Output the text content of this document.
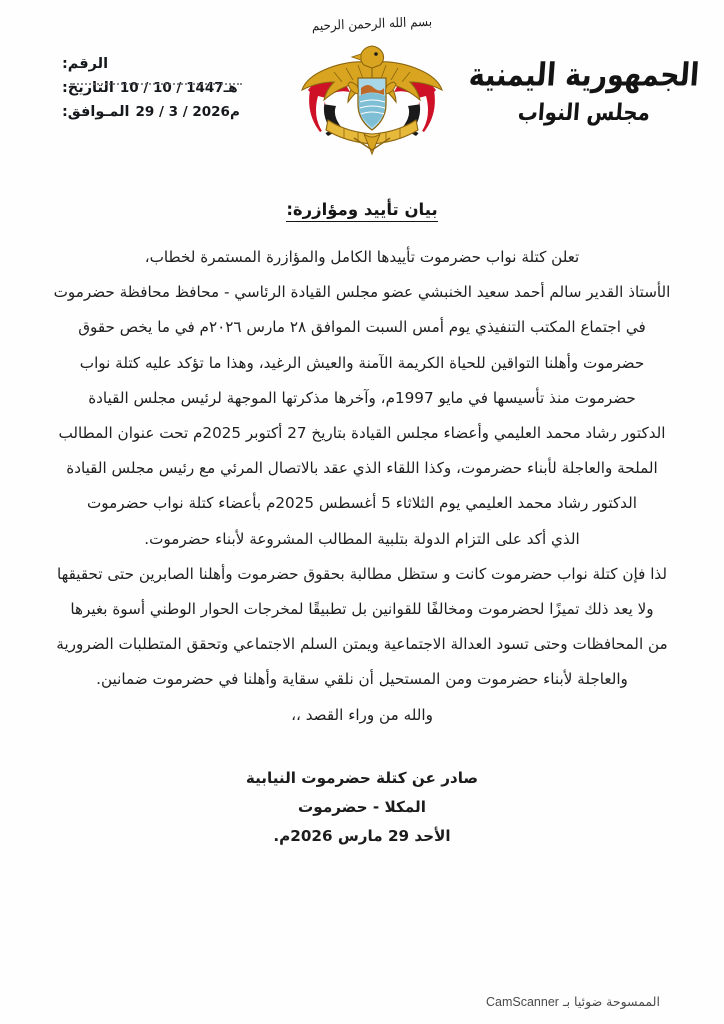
الرقم:
التاريخ: 10 / 10 / 1447هـ
المـوافق: 29 / 3 / 2026م
بسم الله الرحمن الرحيم
الجمهورية اليمنية
مجلس النواب
بيان تأييد ومؤازرة:
تعلن كتلة نواب حضرموت تأييدها الكامل والمؤازرة المستمرة لخطاب،
الأستاذ القدير سالم أحمد سعيد الخنبشي عضو مجلس القيادة الرئاسي - محافظ محافظة حضرموت
في اجتماع المكتب التنفيذي يوم أمس السبت الموافق ٢٨ مارس ٢٠٢٦م في ما يخص حقوق
حضرموت وأهلنا التواقين للحياة الكريمة الآمنة والعيش الرغيد، وهذا ما تؤكد عليه كتلة نواب
حضرموت منذ تأسيسها في مايو 1997م، وآخرها مذكرتها الموجهة لرئيس مجلس القيادة
الدكتور رشاد محمد العليمي وأعضاء مجلس القيادة بتاريخ 27 أكتوبر 2025م تحت عنوان المطالب
الملحة والعاجلة لأبناء حضرموت، وكذا اللقاء الذي عقد بالاتصال المرئي مع رئيس مجلس القيادة
الدكتور رشاد محمد العليمي يوم الثلاثاء 5 أغسطس 2025م بأعضاء كتلة نواب حضرموت
الذي أكد على التزام الدولة بتلبية المطالب المشروعة لأبناء حضرموت.
لذا فإن كتلة نواب حضرموت كانت و ستظل مطالبة بحقوق حضرموت وأهلنا الصابرين حتى تحقيقها
ولا يعد ذلك تميزًا لحضرموت ومخالفًا للقوانين بل تطبيقًا لمخرجات الحوار الوطني أسوة بغيرها
من المحافظات وحتى تسود العدالة الاجتماعية ويمتن السلم الاجتماعي وتحقق المتطلبات الضرورية
والعاجلة لأبناء حضرموت ومن المستحيل أن نلقي سقاية وأهلنا في حضرموت ضمانين.
والله من وراء القصد ،،
صادر عن كتلة حضرموت النيابية
المكلا - حضرموت
الأحد 29 مارس 2026م.
الممسوحة ضوئيا بـ CamScanner
